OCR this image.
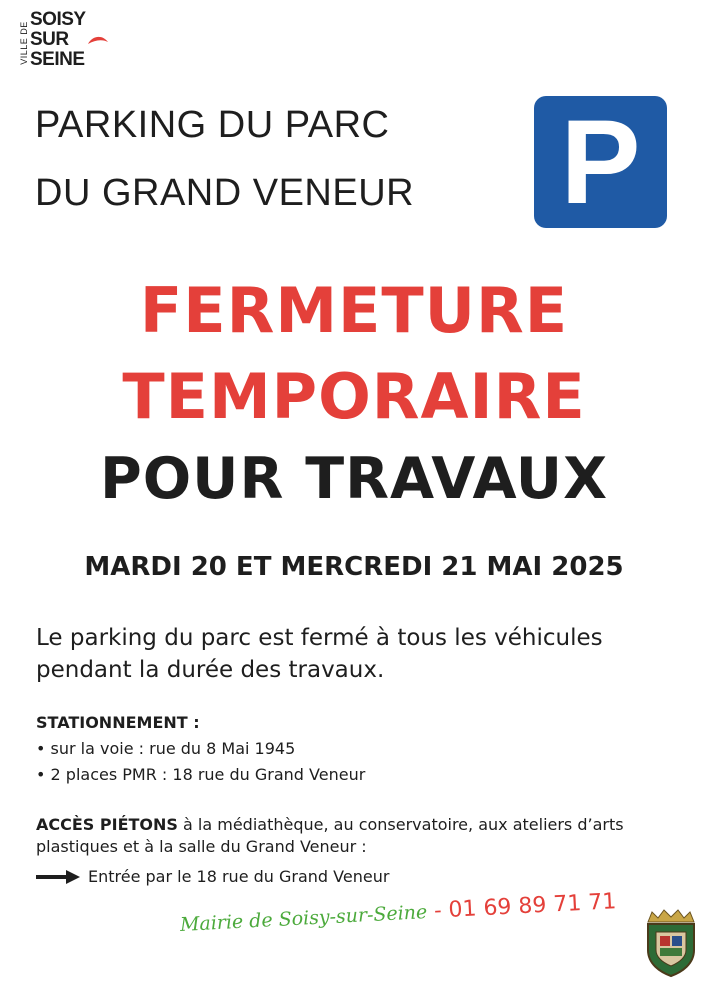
VILLE DE
SOISY
SUR
SEINE
PARKING DU PARC
DU GRAND VENEUR P
FERMETURE
TEMPORAIRE
POUR TRAVAUX
MARDI 20 ET MERCREDI 21 MAI 2025
Le parking du parc est fermé à tous les véhicules pendant la durée des travaux.
STATIONNEMENT :
• sur la voie : rue du 8 Mai 1945
• 2 places PMR : 18 rue du Grand Veneur
ACCÈS PIÉTONS à la médiathèque, au conservatoire, aux ateliers d’arts plastiques et à la salle du Grand Veneur :
Entrée par le 18 rue du Grand Veneur
Mairie de Soisy-sur-Seine - 01 69 89 71 71
